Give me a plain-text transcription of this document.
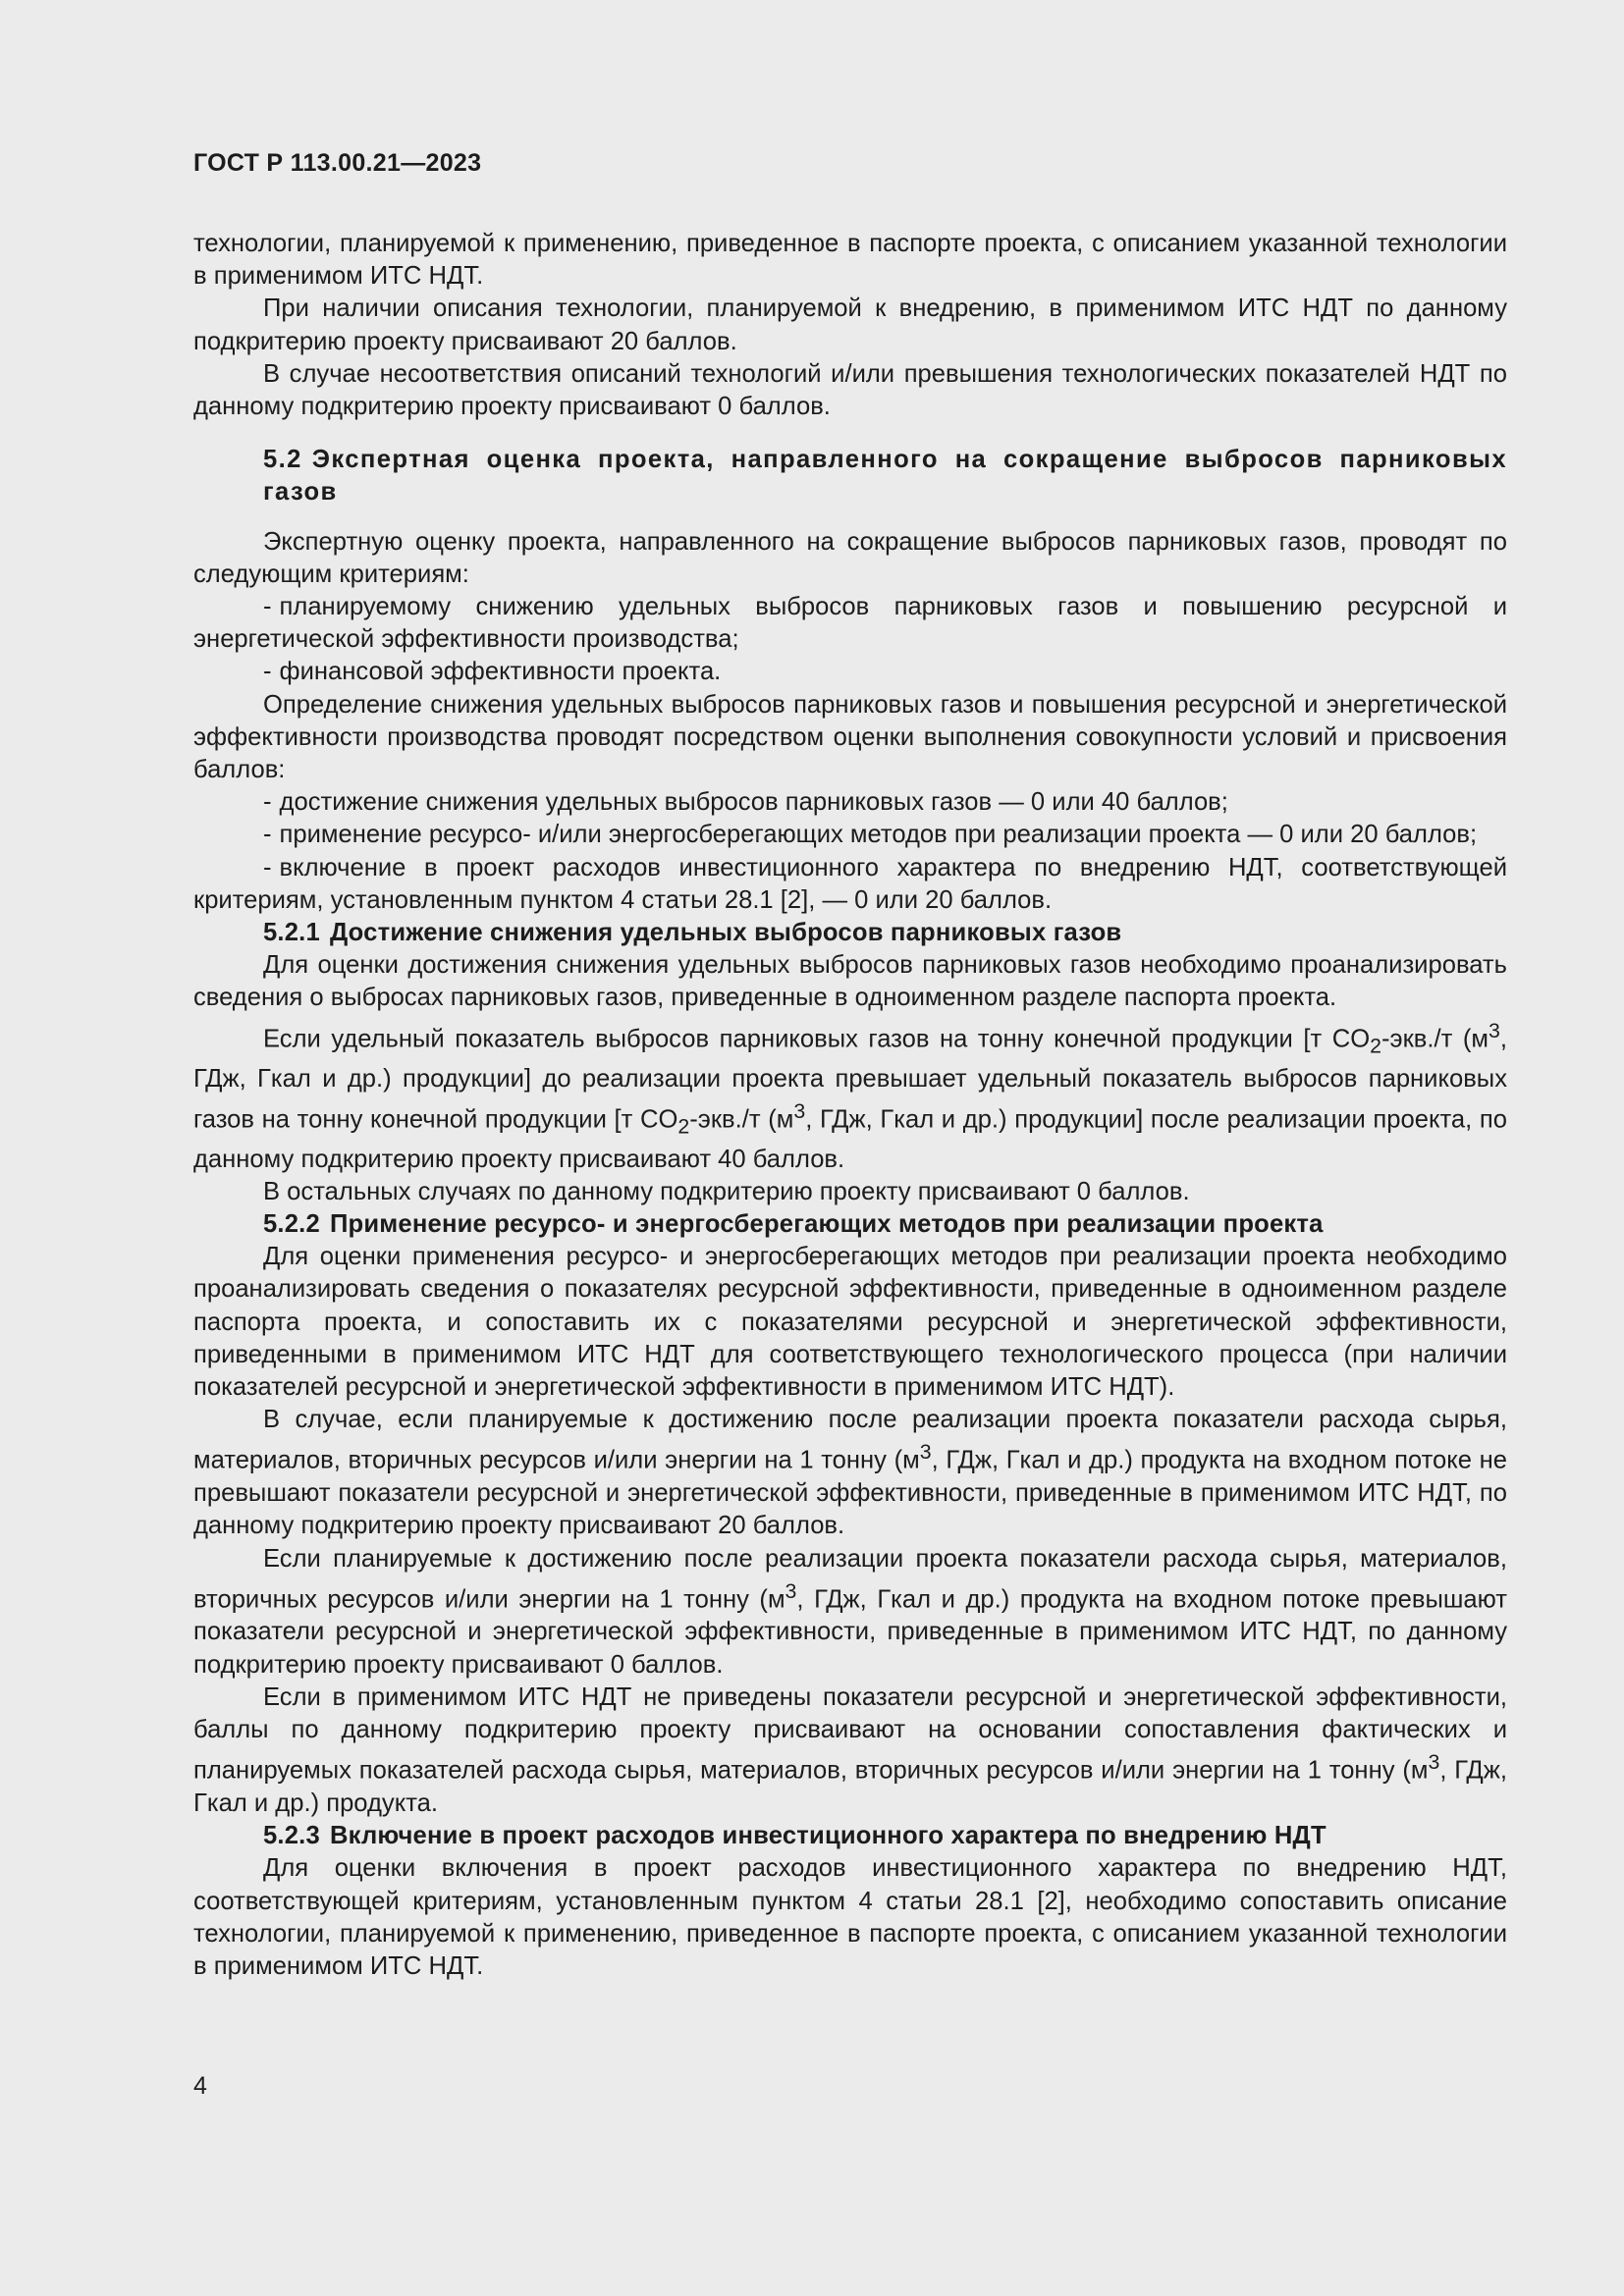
ГОСТ Р 113.00.21—2023

технологии, планируемой к применению, приведенное в паспорте проекта, с описанием указанной технологии в применимом ИТС НДТ.

При наличии описания технологии, планируемой к внедрению, в применимом ИТС НДТ по данному подкритерию проекту присваивают 20 баллов.

В случае несоответствия описаний технологий и/или превышения технологических показателей НДТ по данному подкритерию проекту присваивают 0 баллов.

5.2 Экспертная оценка проекта, направленного на сокращение выбросов парниковых газов

Экспертную оценку проекта, направленного на сокращение выбросов парниковых газов, проводят по следующим критериям:

- планируемому снижению удельных выбросов парниковых газов и повышению ресурсной и энергетической эффективности производства;

- финансовой эффективности проекта.

Определение снижения удельных выбросов парниковых газов и повышения ресурсной и энергетической эффективности производства проводят посредством оценки выполнения совокупности условий и присвоения баллов:

- достижение снижения удельных выбросов парниковых газов — 0 или 40 баллов;

- применение ресурсо- и/или энергосберегающих методов при реализации проекта — 0 или 20 баллов;

- включение в проект расходов инвестиционного характера по внедрению НДТ, соответствующей критериям, установленным пунктом 4 статьи 28.1 [2], — 0 или 20 баллов.

5.2.1 Достижение снижения удельных выбросов парниковых газов

Для оценки достижения снижения удельных выбросов парниковых газов необходимо проанализировать сведения о выбросах парниковых газов, приведенные в одноименном разделе паспорта проекта.

Если удельный показатель выбросов парниковых газов на тонну конечной продукции [т $CO_2-экв./т$ ($м^3$, ГДж, Гкал и др.) продукции] до реализации проекта превышает удельный показатель выбросов парниковых газов на тонну конечной продукции [т $CO_2-экв./т$ ($м^3$, ГДж, Гкал и др.) продукции] после реализации проекта, по данному подкритерию проекту присваивают 40 баллов.

В остальных случаях по данному подкритерию проекту присваивают 0 баллов.

5.2.2 Применение ресурсо- и энергосберегающих методов при реализации проекта

Для оценки применения ресурсо- и энергосберегающих методов при реализации проекта необходимо проанализировать сведения о показателях ресурсной эффективности, приведенные в одноименном разделе паспорта проекта, и сопоставить их с показателями ресурсной и энергетической эффективности, приведенными в применимом ИТС НДТ для соответствующего технологического процесса (при наличии показателей ресурсной и энергетической эффективности в применимом ИТС НДТ).

В случае, если планируемые к достижению после реализации проекта показатели расхода сырья, материалов, вторичных ресурсов и/или энергии на 1 тонну ($м^3$, ГДж, Гкал и др.) продукта на входном потоке не превышают показатели ресурсной и энергетической эффективности, приведенные в применимом ИТС НДТ, по данному подкритерию проекту присваивают 20 баллов.

Если планируемые к достижению после реализации проекта показатели расхода сырья, материалов, вторичных ресурсов и/или энергии на 1 тонну ($м^3$, ГДж, Гкал и др.) продукта на входном потоке превышают показатели ресурсной и энергетической эффективности, приведенные в применимом ИТС НДТ, по данному подкритерию проекту присваивают 0 баллов.

Если в применимом ИТС НДТ не приведены показатели ресурсной и энергетической эффективности, баллы по данному подкритерию проекту присваивают на основании сопоставления фактических и планируемых показателей расхода сырья, материалов, вторичных ресурсов и/или энергии на 1 тонну ($м^3$, ГДж, Гкал и др.) продукта.

5.2.3 Включение в проект расходов инвестиционного характера по внедрению НДТ

Для оценки включения в проект расходов инвестиционного характера по внедрению НДТ, соответствующей критериям, установленным пунктом 4 статьи 28.1 [2], необходимо сопоставить описание технологии, планируемой к применению, приведенное в паспорте проекта, с описанием указанной технологии в применимом ИТС НДТ.

4
